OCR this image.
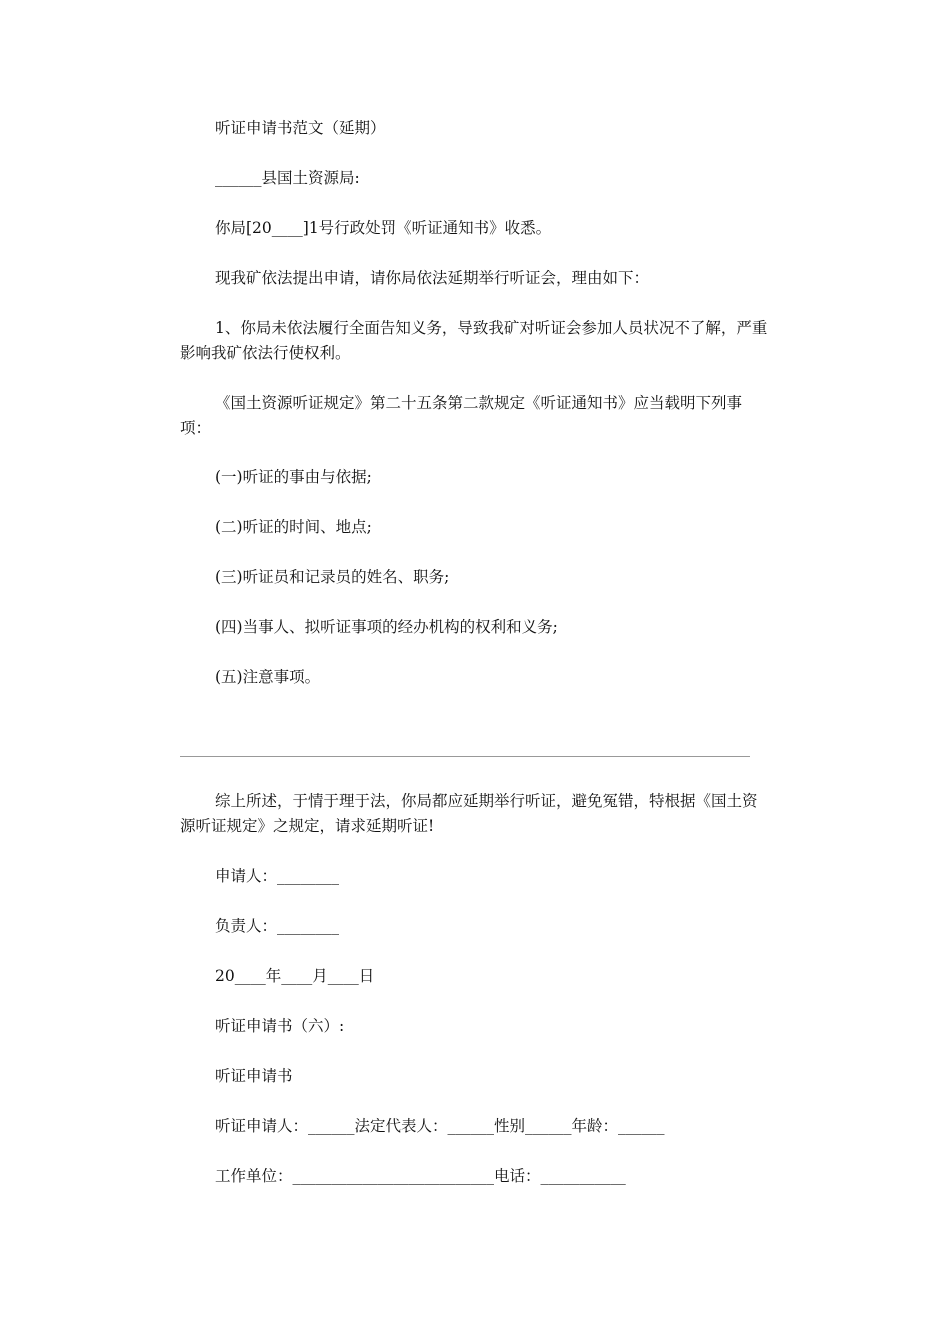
听证申请书范文（延期）

______县国土资源局:

你局[20____]1号行政处罚《听证通知书》收悉。

现我矿依法提出申请，请你局依法延期举行听证会，理由如下：

1、你局未依法履行全面告知义务，导致我矿对听证会参加人员状况不了解，严重影响我矿依法行使权利。

《国土资源听证规定》第二十五条第二款规定《听证通知书》应当载明下列事项：

(一)听证的事由与依据;

(二)听证的时间、地点;

(三)听证员和记录员的姓名、职务;

(四)当事人、拟听证事项的经办机构的权利和义务;

(五)注意事项。

综上所述，于情于理于法，你局都应延期举行听证，避免冤错，特根据《国土资源听证规定》之规定，请求延期听证!

申请人：________

负责人：________

20____年____月____日

听证申请书（六）:

听证申请书

听证申请人：______法定代表人：______性别______年龄：______

工作单位：__________________________电话：___________
